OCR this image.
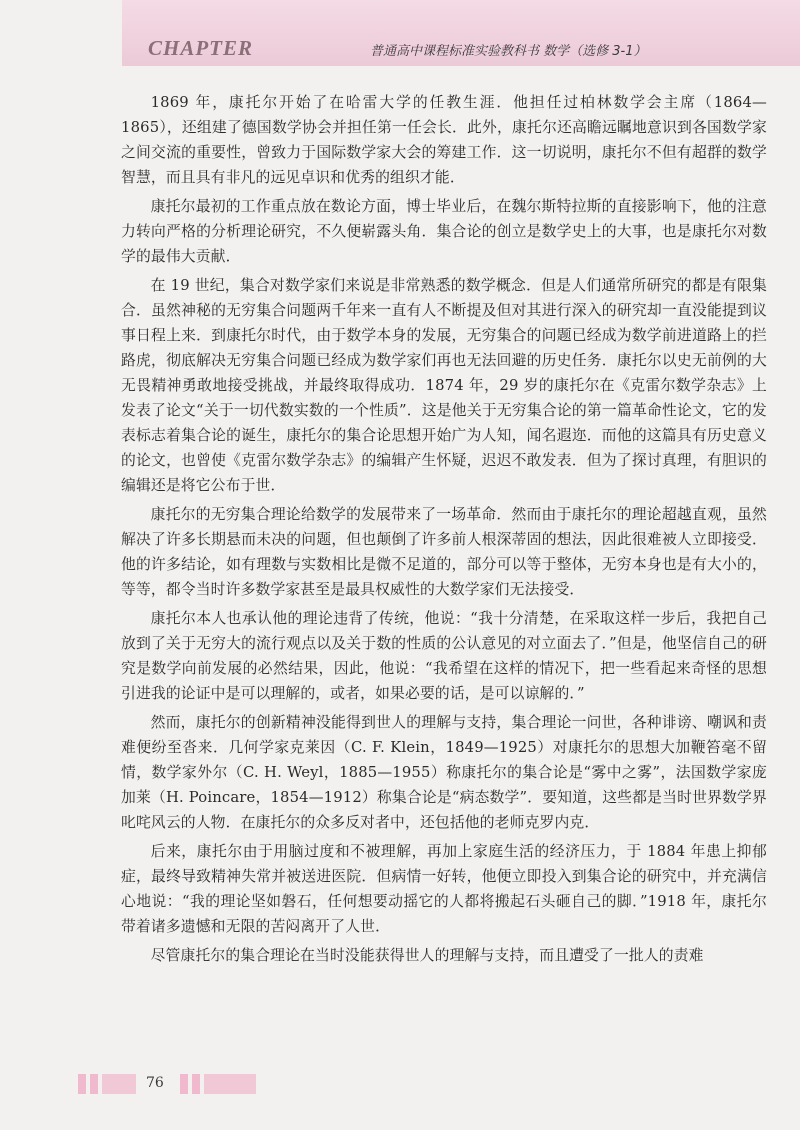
CHAPTER	普通高中课程标准实验教科书 数学（选修 3-1）

1869 年，康托尔开始了在哈雷大学的任教生涯．他担任过柏林数学会主席（1864—1865），还组建了德国数学协会并担任第一任会长．此外，康托尔还高瞻远瞩地意识到各国数学家之间交流的重要性，曾致力于国际数学家大会的筹建工作．这一切说明，康托尔不但有超群的数学智慧，而且具有非凡的远见卓识和优秀的组织才能．

康托尔最初的工作重点放在数论方面，博士毕业后，在魏尔斯特拉斯的直接影响下，他的注意力转向严格的分析理论研究，不久便崭露头角．集合论的创立是数学史上的大事，也是康托尔对数学的最伟大贡献．

在 19 世纪，集合对数学家们来说是非常熟悉的数学概念．但是人们通常所研究的都是有限集合．虽然神秘的无穷集合问题两千年来一直有人不断提及但对其进行深入的研究却一直没能提到议事日程上来．到康托尔时代，由于数学本身的发展，无穷集合的问题已经成为数学前进道路上的拦路虎，彻底解决无穷集合问题已经成为数学家们再也无法回避的历史任务．康托尔以史无前例的大无畏精神勇敢地接受挑战，并最终取得成功．1874 年，29 岁的康托尔在《克雷尔数学杂志》上发表了论文“关于一切代数实数的一个性质”．这是他关于无穷集合论的第一篇革命性论文，它的发表标志着集合论的诞生，康托尔的集合论思想开始广为人知，闻名遐迩．而他的这篇具有历史意义的论文，也曾使《克雷尔数学杂志》的编辑产生怀疑，迟迟不敢发表．但为了探讨真理，有胆识的编辑还是将它公布于世．

康托尔的无穷集合理论给数学的发展带来了一场革命．然而由于康托尔的理论超越直观，虽然解决了许多长期悬而未决的问题，但也颠倒了许多前人根深蒂固的想法，因此很难被人立即接受．他的许多结论，如有理数与实数相比是微不足道的，部分可以等于整体，无穷本身也是有大小的，等等，都令当时许多数学家甚至是最具权威性的大数学家们无法接受．

康托尔本人也承认他的理论违背了传统，他说：“我十分清楚，在采取这样一步后，我把自己放到了关于无穷大的流行观点以及关于数的性质的公认意见的对立面去了．”但是，他坚信自己的研究是数学向前发展的必然结果，因此，他说：“我希望在这样的情况下，把一些看起来奇怪的思想引进我的论证中是可以理解的，或者，如果必要的话，是可以谅解的．”

然而，康托尔的创新精神没能得到世人的理解与支持，集合理论一问世，各种诽谤、嘲讽和责难便纷至沓来．几何学家克莱因（C. F. Klein，1849—1925）对康托尔的思想大加鞭笞毫不留情，数学家外尔（C. H. Weyl，1885—1955）称康托尔的集合论是“雾中之雾”，法国数学家庞加莱（H. Poincare，1854—1912）称集合论是“病态数学”．要知道，这些都是当时世界数学界叱咤风云的人物．在康托尔的众多反对者中，还包括他的老师克罗内克．

后来，康托尔由于用脑过度和不被理解，再加上家庭生活的经济压力，于 1884 年患上抑郁症，最终导致精神失常并被送进医院．但病情一好转，他便立即投入到集合论的研究中，并充满信心地说：“我的理论坚如磐石，任何想要动摇它的人都将搬起石头砸自己的脚．”1918 年，康托尔带着诸多遗憾和无限的苦闷离开了人世．

尽管康托尔的集合理论在当时没能获得世人的理解与支持，而且遭受了一批人的责难

76
